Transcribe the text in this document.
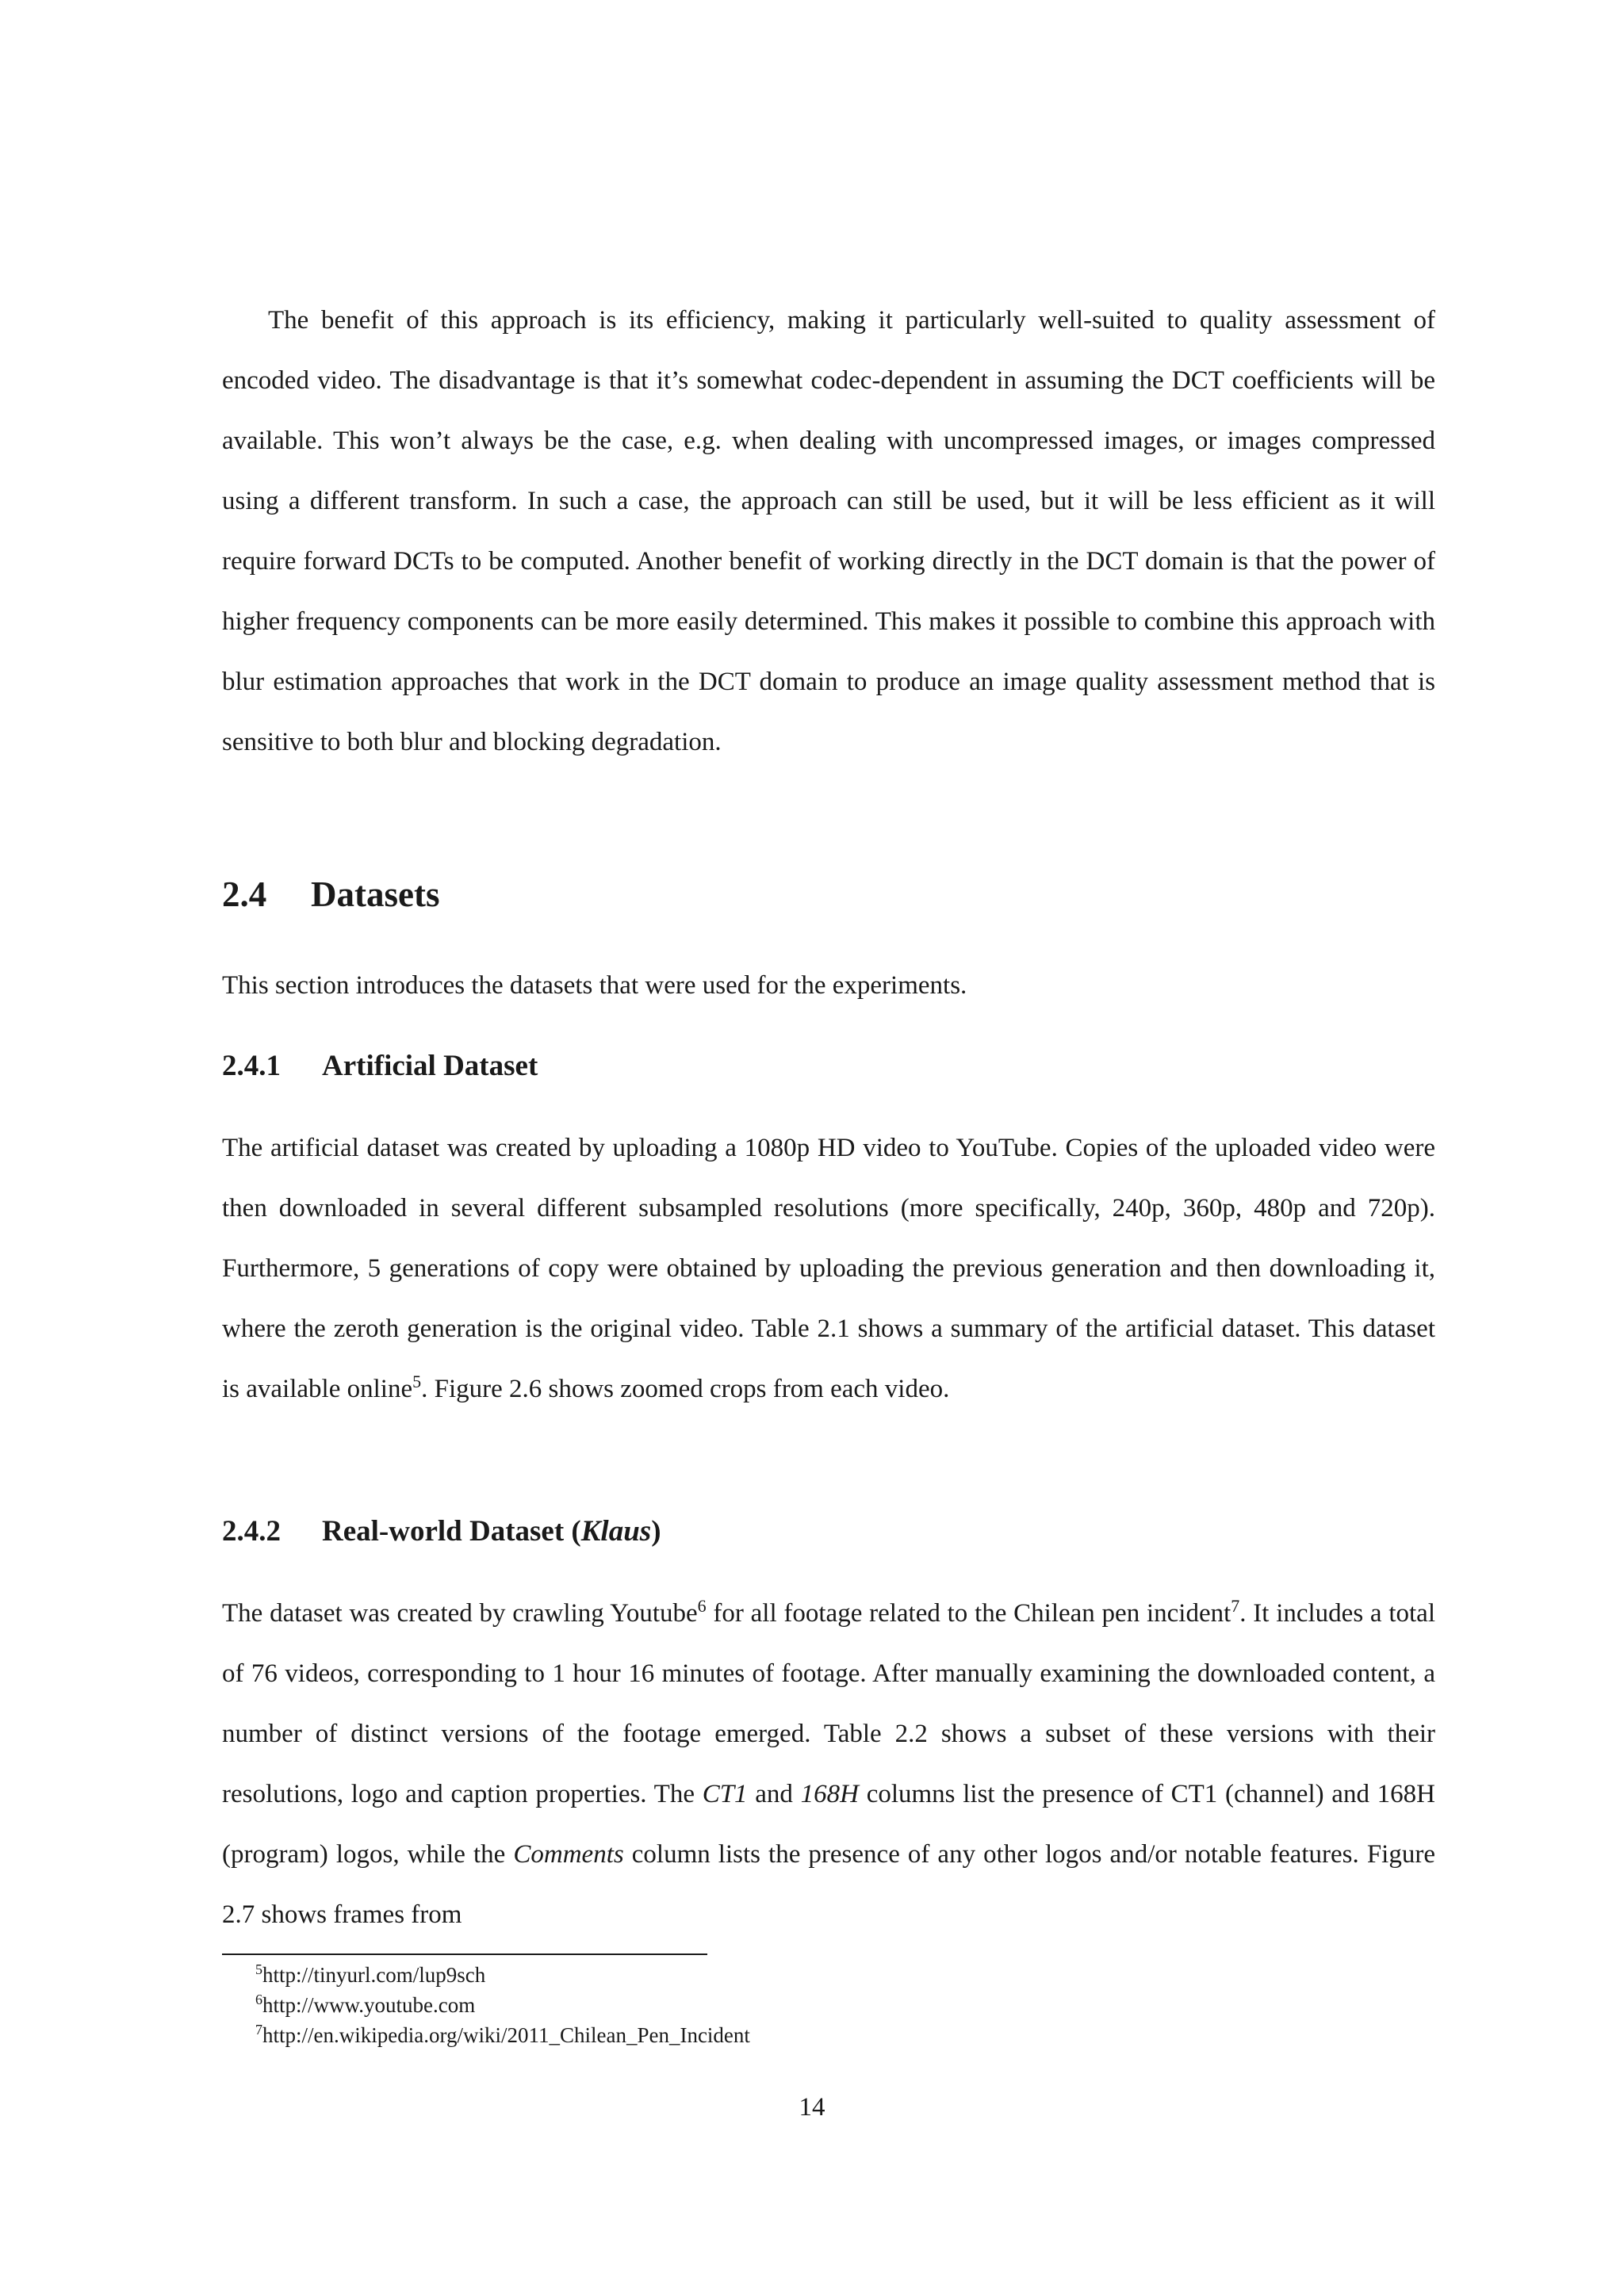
The benefit of this approach is its efficiency, making it particularly well-suited to quality assessment of encoded video. The disadvantage is that it’s somewhat codec-dependent in assuming the DCT coefficients will be available. This won’t always be the case, e.g. when dealing with uncompressed images, or images compressed using a different transform. In such a case, the approach can still be used, but it will be less efficient as it will require forward DCTs to be computed. Another benefit of working directly in the DCT domain is that the power of higher frequency components can be more easily determined. This makes it possible to combine this approach with blur estimation approaches that work in the DCT domain to produce an image quality assessment method that is sensitive to both blur and blocking degradation.

2.4 Datasets

This section introduces the datasets that were used for the experiments.

2.4.1 Artificial Dataset

The artificial dataset was created by uploading a 1080p HD video to YouTube. Copies of the uploaded video were then downloaded in several different subsampled resolutions (more specifically, 240p, 360p, 480p and 720p). Furthermore, 5 generations of copy were obtained by uploading the previous generation and then downloading it, where the zeroth generation is the original video. Table 2.1 shows a summary of the artificial dataset. This dataset is available online$^5$. Figure 2.6 shows zoomed crops from each video.

2.4.2 Real-world Dataset (Klaus)

The dataset was created by crawling Youtube$^6$ for all footage related to the Chilean pen incident$^7$. It includes a total of 76 videos, corresponding to 1 hour 16 minutes of footage. After manually examining the downloaded content, a number of distinct versions of the footage emerged. Table 2.2 shows a subset of these versions with their resolutions, logo and caption properties. The CT1 and 168H columns list the presence of CT1 (channel) and 168H (program) logos, while the Comments column lists the presence of any other logos and/or notable features. Figure 2.7 shows frames from

$^5$http://tinyurl.com/lup9sch
$^6$http://www.youtube.com
$^7$http://en.wikipedia.org/wiki/2011_Chilean_Pen_Incident
14
